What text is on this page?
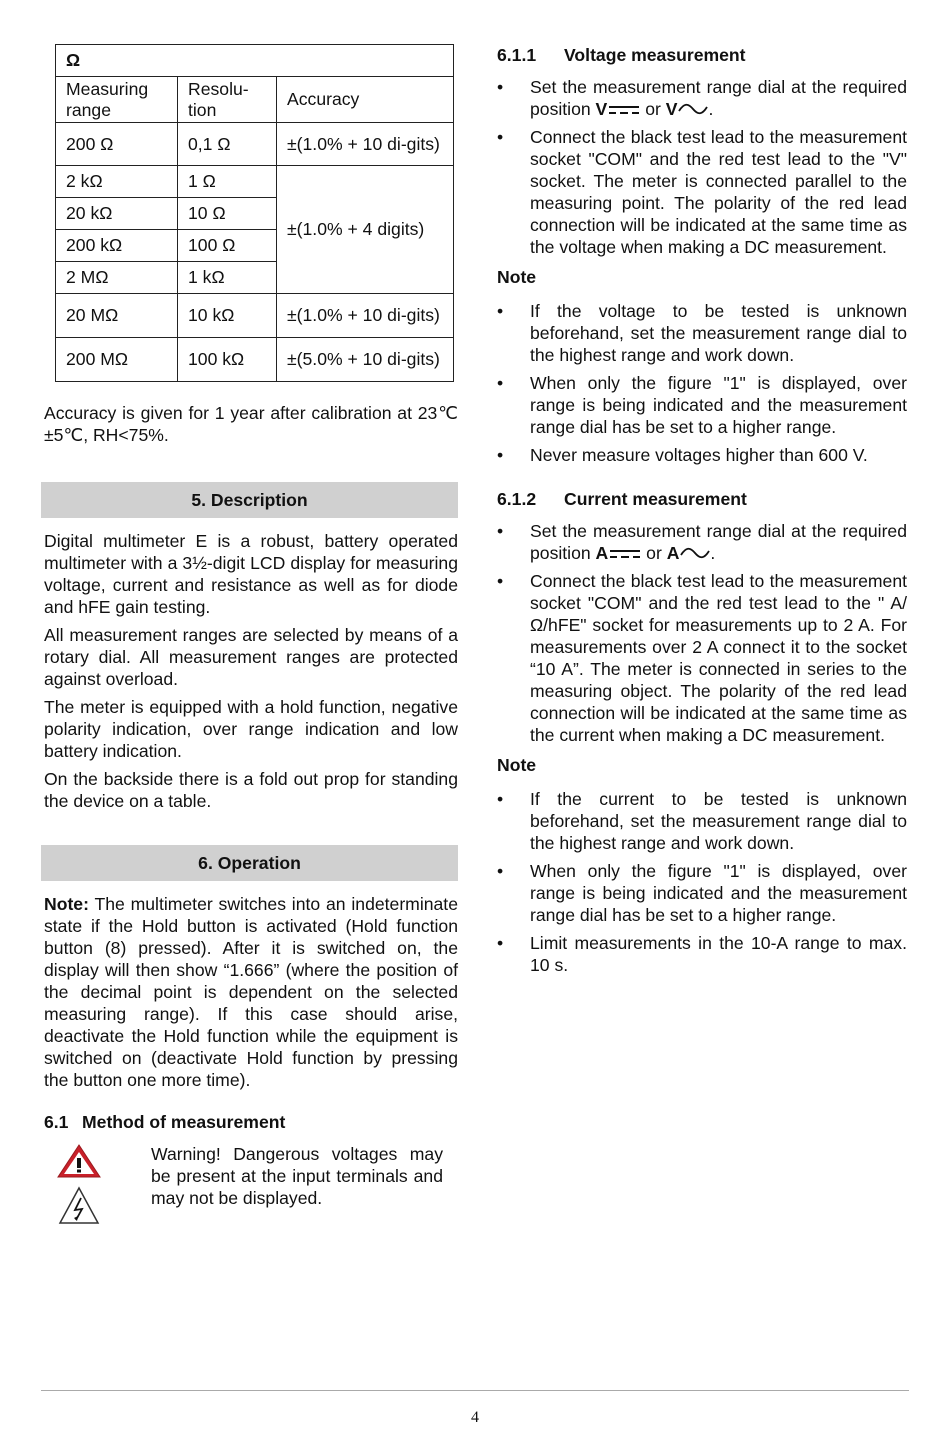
Ω		
Measuring range	Resolu-tion	Accuracy
200 Ω	0,1 Ω	±(1.0% + 10 di-gits)
2 kΩ	1 Ω	±(1.0% + 4 digits)
20 kΩ	10 Ω	
200 kΩ	100 Ω	
2 MΩ	1 kΩ	
20 MΩ	10 kΩ	±(1.0% + 10 di-gits)
200 MΩ	100 kΩ	±(5.0% + 10 di-gits)

Accuracy is given for 1 year after calibration at 23℃ ±5℃, RH<75%.

5. Description

Digital multimeter E is a robust, battery operated multimeter with a 3½-digit LCD display for measuring voltage, current and resistance as well as for diode and hFE gain testing.

All measurement ranges are selected by means of a rotary dial. All measurement ranges are protected against overload.

The meter is equipped with a hold function, negative polarity indication, over range indication and low battery indication.

On the backside there is a fold out prop for standing the device on a table.

6. Operation

Note: The multimeter switches into an indeterminate state if the Hold button is activated (Hold function button (8) pressed). After it is switched on, the display will then show “1.666” (where the position of the decimal point is dependent on the selected measuring range). If this case should arise, deactivate the Hold function while the equipment is switched on (deactivate Hold function by pressing the button one more time).

6.1 Method of measurement

Warning! Dangerous voltages may be present at the input terminals and may not be displayed.

6.1.1 Voltage measurement
• Set the measurement range dial at the required position V or V .
• Connect the black test lead to the measurement socket "COM" and the red test lead to the "V" socket. The meter is connected parallel to the measuring point. The polarity of the red lead connection will be indicated at the same time as the voltage when making a DC measurement.

Note

• If the voltage to be tested is unknown beforehand, set the measurement range dial to the highest range and work down.
• When only the figure "1" is displayed, over range is being indicated and the measurement range dial has be set to a higher range.
• Never measure voltages higher than 600 V.
6.1.2 Current measurement
• Set the measurement range dial at the required position A or A .
• Connect the black test lead to the measurement socket "COM" and the red test lead to the " A/Ω/hFE" socket for measurements up to 2 A. For measurements over 2 A connect it to the socket “10 A”. The meter is connected in series to the measuring object. The polarity of the red lead connection will be indicated at the same time as the current when making a DC measurement.

Note

• If the current to be tested is unknown beforehand, set the measurement range dial to the highest range and work down.
• When only the figure "1" is displayed, over range is being indicated and the measurement range dial has be set to a higher range.
• Limit measurements in the 10-A range to max. 10 s.
4
